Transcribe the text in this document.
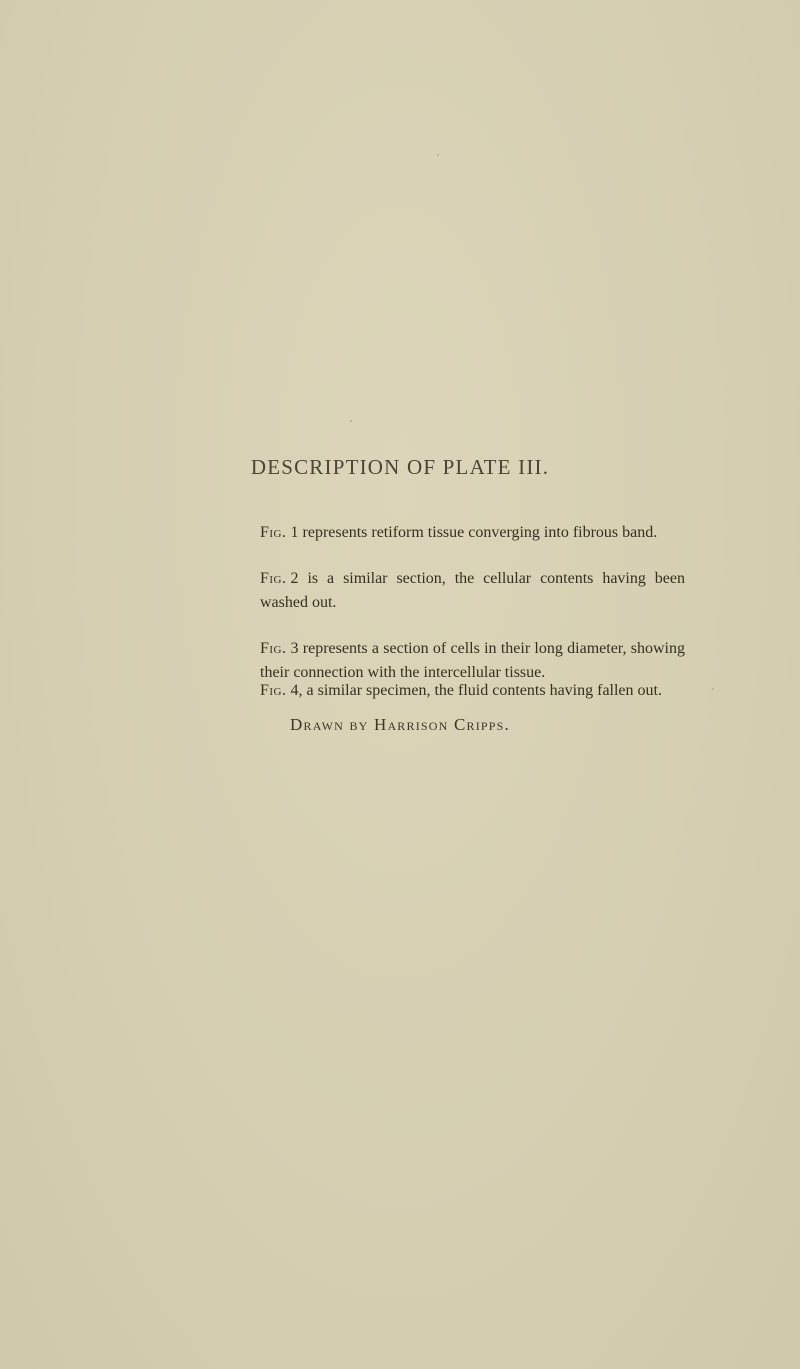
DESCRIPTION OF PLATE III.

Fig. 1 represents retiform tissue converging into fibrous band.

Fig. 2 is a similar section, the cellular contents having been washed out.

Fig. 3 represents a section of cells in their long diameter, showing their connection with the intercellular tissue.

Fig. 4, a similar specimen, the fluid contents having fallen out.

Drawn by Harrison Cripps.
